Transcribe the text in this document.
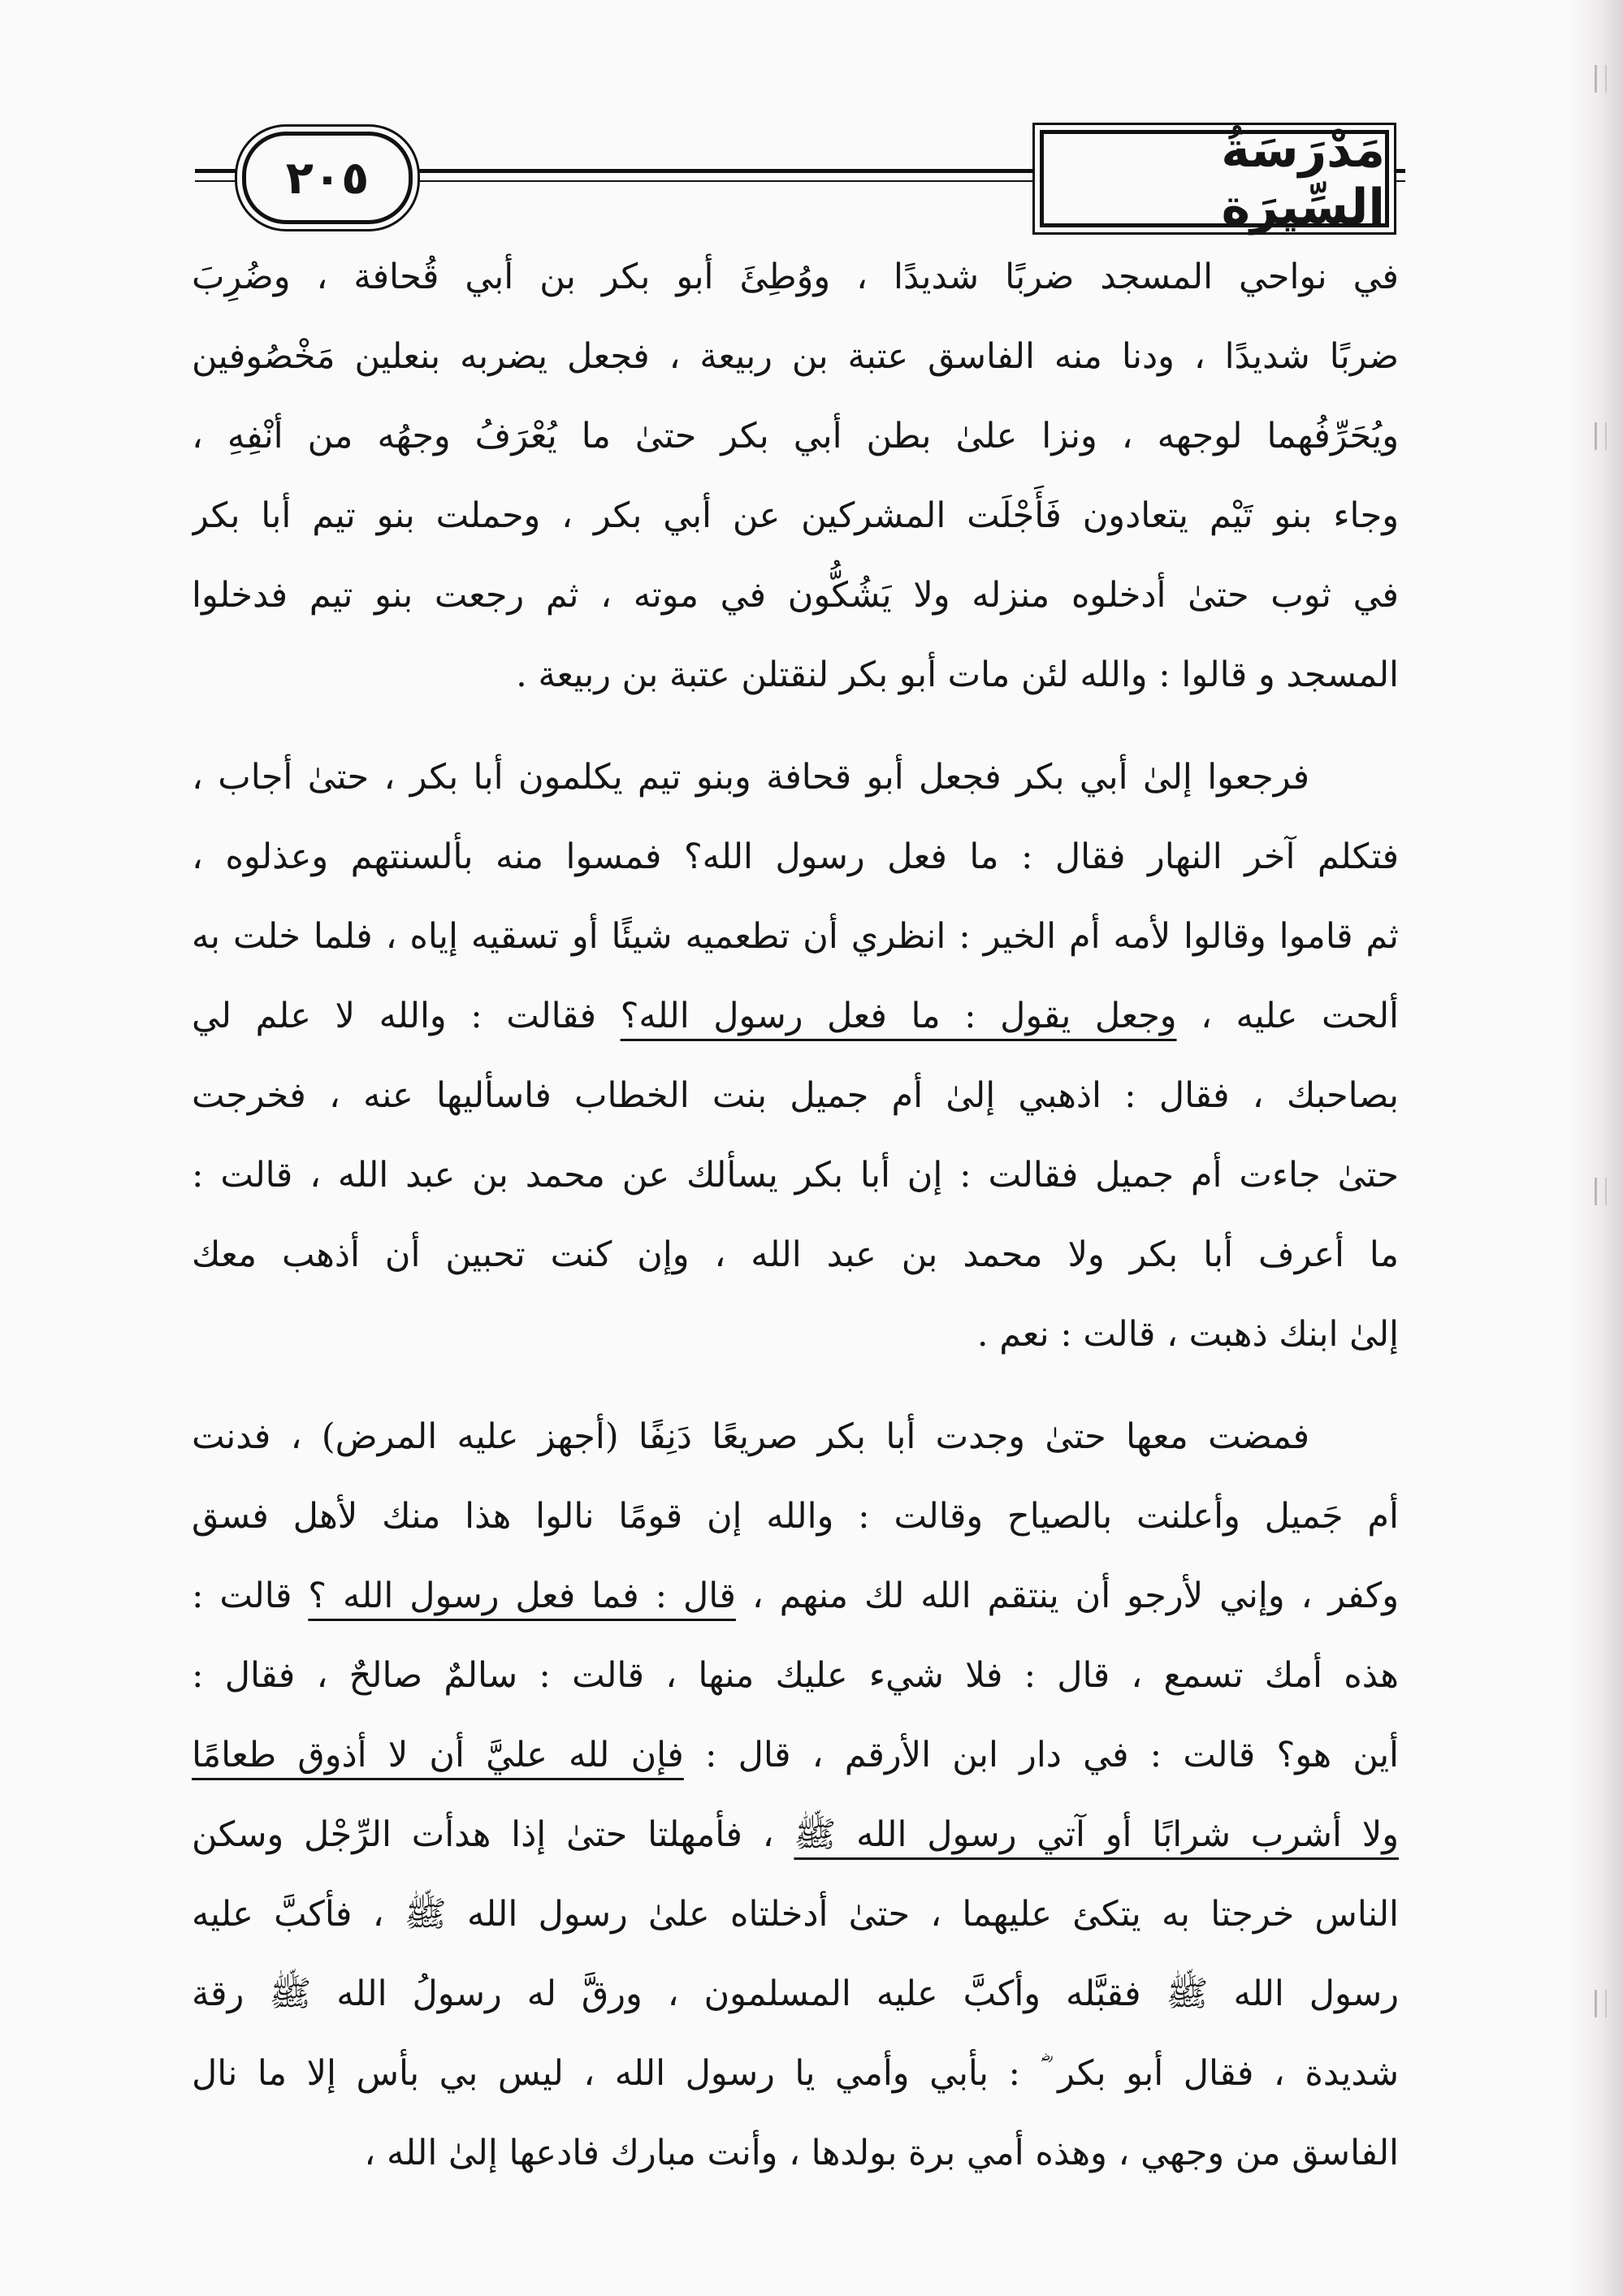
٢٠٥	مَدْرَسَةُ السِّيرَة
في نواحي المسجد ضربًا شديدًا ، ووُطِئَ أبو بكر بن أبي قُحافة ، وضُرِبَ
ضربًا شديدًا ، ودنا منه الفاسق عتبة بن ربيعة ، فجعل يضربه بنعلين مَخْصُوفين
ويُحَرِّفُهما لوجهه ، ونزا علىٰ بطن أبي بكر حتىٰ ما يُعْرَفُ وجهُه من أنْفِهِ ،
وجاء بنو تَيْم يتعادون فَأَجْلَت المشركين عن أبي بكر ، وحملت بنو تيم أبا بكر
في ثوب حتىٰ أدخلوه منزله ولا يَشُكُّون في موته ، ثم رجعت بنو تيم فدخلوا
المسجد و قالوا : والله لئن مات أبو بكر لنقتلن عتبة بن ربيعة .
فرجعوا إلىٰ أبي بكر فجعل أبو قحافة وبنو تيم يكلمون أبا بكر ، حتىٰ أجاب ،
فتكلم آخر النهار فقال : ما فعل رسول الله؟ فمسوا منه بألسنتهم وعذلوه ،
ثم قاموا وقالوا لأمه أم الخير : انظري أن تطعميه شيئًا أو تسقيه إياه ، فلما خلت به
ألحت عليه ، وجعل يقول : ما فعل رسول الله؟ فقالت : والله لا علم لي
بصاحبك ، فقال : اذهبي إلىٰ أم جميل بنت الخطاب فاسأليها عنه ، فخرجت
حتىٰ جاءت أم جميل فقالت : إن أبا بكر يسألك عن محمد بن عبد الله ، قالت :
ما أعرف أبا بكر ولا محمد بن عبد الله ، وإن كنت تحبين أن أذهب معك
إلىٰ ابنك ذهبت ، قالت : نعم .
فمضت معها حتىٰ وجدت أبا بكر صريعًا دَنِفًا (أجهز عليه المرض) ، فدنت
أم جَميل وأعلنت بالصياح وقالت : والله إن قومًا نالوا هذا منك لأهل فسق
وكفر ، وإني لأرجو أن ينتقم الله لك منهم ، قال : فما فعل رسول الله ؟ قالت :
هذه أمك تسمع ، قال : فلا شيء عليك منها ، قالت : سالمٌ صالحٌ ، فقال :
أين هو؟ قالت : في دار ابن الأرقم ، قال : فإن لله عليَّ أن لا أذوق طعامًا
ولا أشرب شرابًا أو آتي رسول الله ﷺ ، فأمهلتا حتىٰ إذا هدأت الرِّجْل وسكن
الناس خرجتا به يتكئ عليهما ، حتىٰ أدخلتاه علىٰ رسول الله ﷺ ، فأكبَّ عليه
رسول الله ﷺ فقبَّله وأكبَّ عليه المسلمون ، ورقَّ له رسولُ الله ﷺ رقة
شديدة ، فقال أبو بكر ؓ : بأبي وأمي يا رسول الله ، ليس بي بأس إلا ما نال
الفاسق من وجهي ، وهذه أمي برة بولدها ، وأنت مبارك فادعها إلىٰ الله ،
